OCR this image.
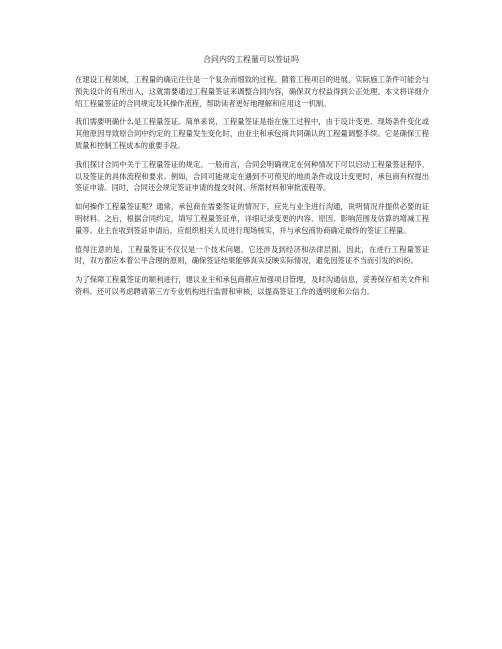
合同内的工程量可以签证吗

在建设工程领域，工程量的确定往往是一个复杂而细致的过程。随着工程项目的进展，实际施工条件可能会与预先设计的有所出入，这就需要通过工程量签证来调整合同内容，确保双方权益得到公正处理。本文将详细介绍工程量签证的合同规定及其操作流程，帮助读者更好地理解和应用这一机制。

我们需要明确什么是工程量签证。简单来说，工程量签证是指在施工过程中，由于设计变更、现场条件变化或其他原因导致原合同中约定的工程量发生变化时，由业主和承包商共同确认的工程量调整手续。它是确保工程质量和控制工程成本的重要手段。

我们探讨合同中关于工程量签证的规定。一般而言，合同会明确规定在何种情况下可以启动工程量签证程序，以及签证的具体流程和要求。例如，合同可能规定在遇到不可预见的地质条件或设计变更时，承包商有权提出签证申请。同时，合同还会规定签证申请的提交时间、所需材料和审批流程等。

如何操作工程量签证呢？通常，承包商在需要签证的情况下，应先与业主进行沟通，说明情况并提供必要的证明材料。之后，根据合同约定，填写工程量签证单，详细记录变更的内容、原因、影响范围及估算的增减工程量等。业主在收到签证申请后，应组织相关人员进行现场核实，并与承包商协商确定最终的签证工程量。

值得注意的是，工程量签证不仅仅是一个技术问题，它还涉及到经济和法律层面。因此，在进行工程量签证时，双方都应本着公平合理的原则，确保签证结果能够真实反映实际情况，避免因签证不当而引发的纠纷。

为了保障工程量签证的顺利进行，建议业主和承包商都应加强项目管理，及时沟通信息，妥善保存相关文件和资料。还可以考虑聘请第三方专业机构进行监督和审核，以提高签证工作的透明度和公信力。
